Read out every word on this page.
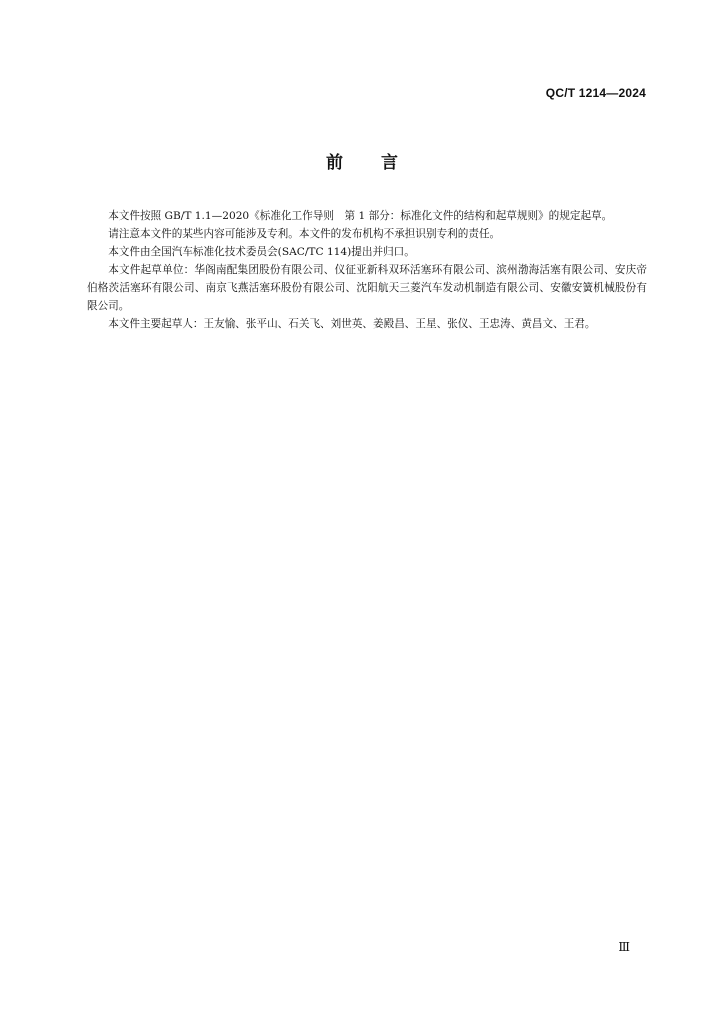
QC/T 1214—2024
前言

本文件按照 GB/T 1.1—2020《标准化工作导则　第 1 部分：标准化文件的结构和起草规则》的规定起草。

请注意本文件的某些内容可能涉及专利。本文件的发布机构不承担识别专利的责任。

本文件由全国汽车标准化技术委员会(SAC/TC 114)提出并归口。

本文件起草单位：华阁南配集团股份有限公司、仪征亚新科双环活塞环有限公司、滨州渤海活塞有限公司、安庆帝伯格茨活塞环有限公司、南京飞燕活塞环股份有限公司、沈阳航天三菱汽车发动机制造有限公司、安徽安簧机械股份有限公司。

本文件主要起草人：王友愉、张平山、石关飞、刘世英、姜殿昌、王星、张仪、王忠涛、黄昌文、王君。

Ⅲ
